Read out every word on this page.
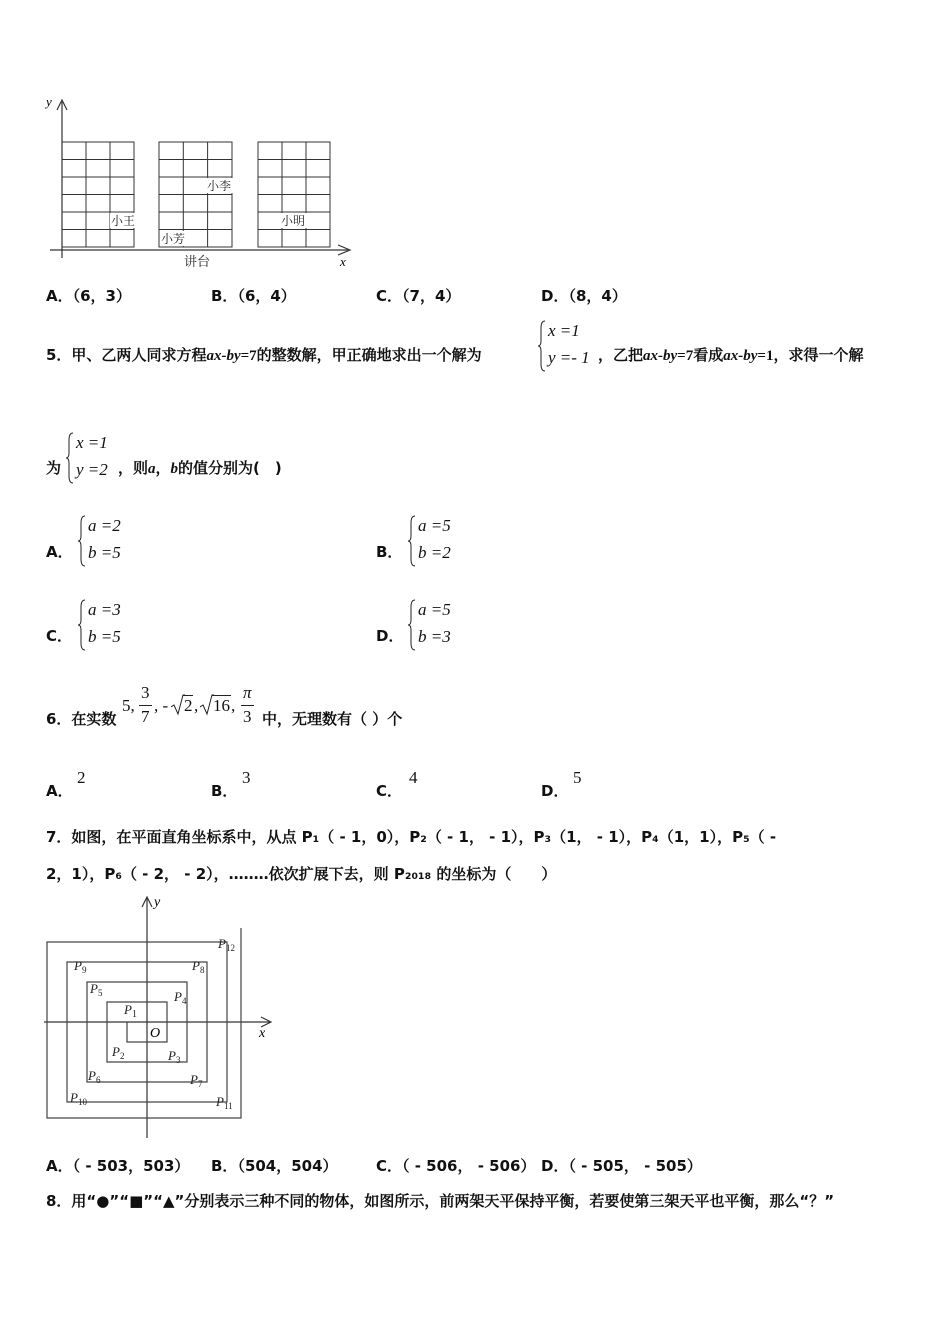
y
x
小王
小芳
小李
小明
讲台
A．（6，3）	B．（6，4）	C．（7，4）	D．（8，4）
5．甲、乙两人同求方程ax-by=7的整数解，甲正确地求出一个解为
x =1
y =- 1 ，乙把ax-by=7看成ax-by=1，求得一个解
为
x =1
y =2 ，则a，b的值分别为(　)
A．
a =2
b =5	B．
a =5
b =2
C．
a =3
b =5	D．
a =5
b =3
6．在实数
5,
3
7
, - 2 , 16 ,
π
3 中，无理数有（ ）个
A．
2
B．
3
C．
4
D．
5
7．如图，在平面直角坐标系中，从点 P₁（ - 1，0），P₂（ - 1， - 1），P₃（1， - 1），P₄（1，1），P₅（ -
2，1），P₆（ - 2， - 2），…‥…依次扩展下去，则 P₂₀₁₈ 的坐标为（　　）
y
x
O
$P_1$
$P_2$	$P_3$
$P_4$
$P_5$
$P_6$	$P_7$
$P_8$
$P_9$
$P_{10}$	$P_{11}$
$P_{12}$
A．（ - 503，503） B．（504，504）	C．（ - 506， - 506） D．（ - 505， - 505）
8．用“●”“■”“▲”分别表示三种不同的物体，如图所示，前两架天平保持平衡，若要使第三架天平也平衡，那么“？”
